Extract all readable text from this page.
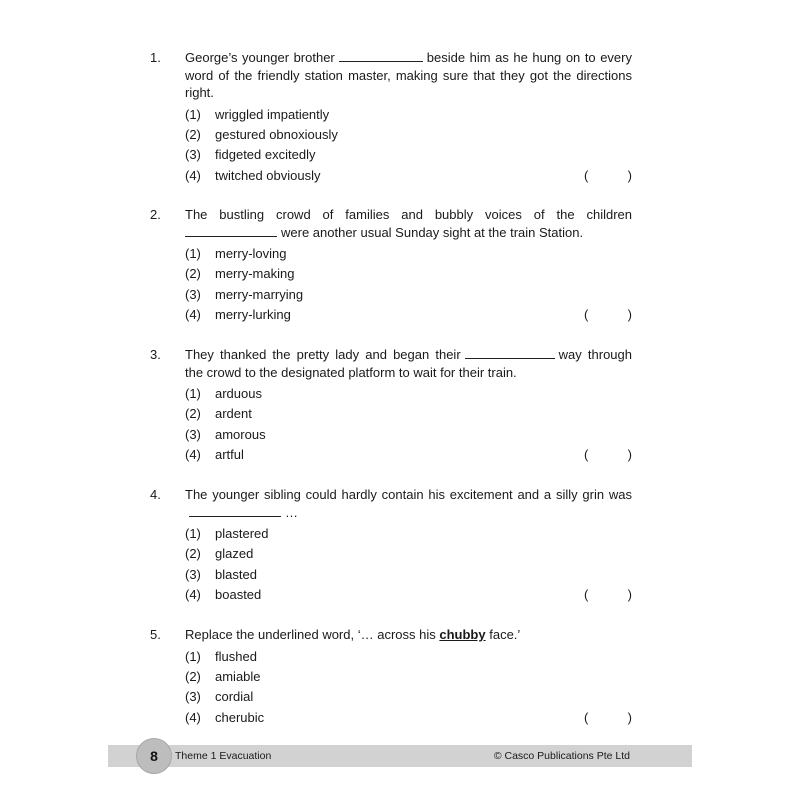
1.	George’s younger brother	beside him as he hung on to every word of the friendly station master, making sure that they got the directions right.
(1) wriggled impatiently
(2) gestured obnoxiously
(3) fidgeted excitedly
(4) twitched obviously	(	)
2.	The bustling crowd of families and bubbly voices of the children were another usual Sunday sight at the train Station.
(1) merry-loving
(2) merry-making
(3) merry-marrying
(4) merry-lurking	(	)
3.	They thanked the pretty lady and began their	way through the crowd to the designated platform to wait for their train.
(1) arduous
(2) ardent
(3) amorous
(4) artful	(	)
4.	The younger sibling could hardly contain his excitement and a silly grin was…
(1) plastered
(2) glazed
(3) blasted
(4) boasted	(	)
5.	Replace the underlined word, ‘… across his chubby face.’
(1) flushed
(2) amiable
(3) cordial
(4) cherubic	(	)
8	Theme 1 Evacuation	© Casco Publications Pte Ltd
